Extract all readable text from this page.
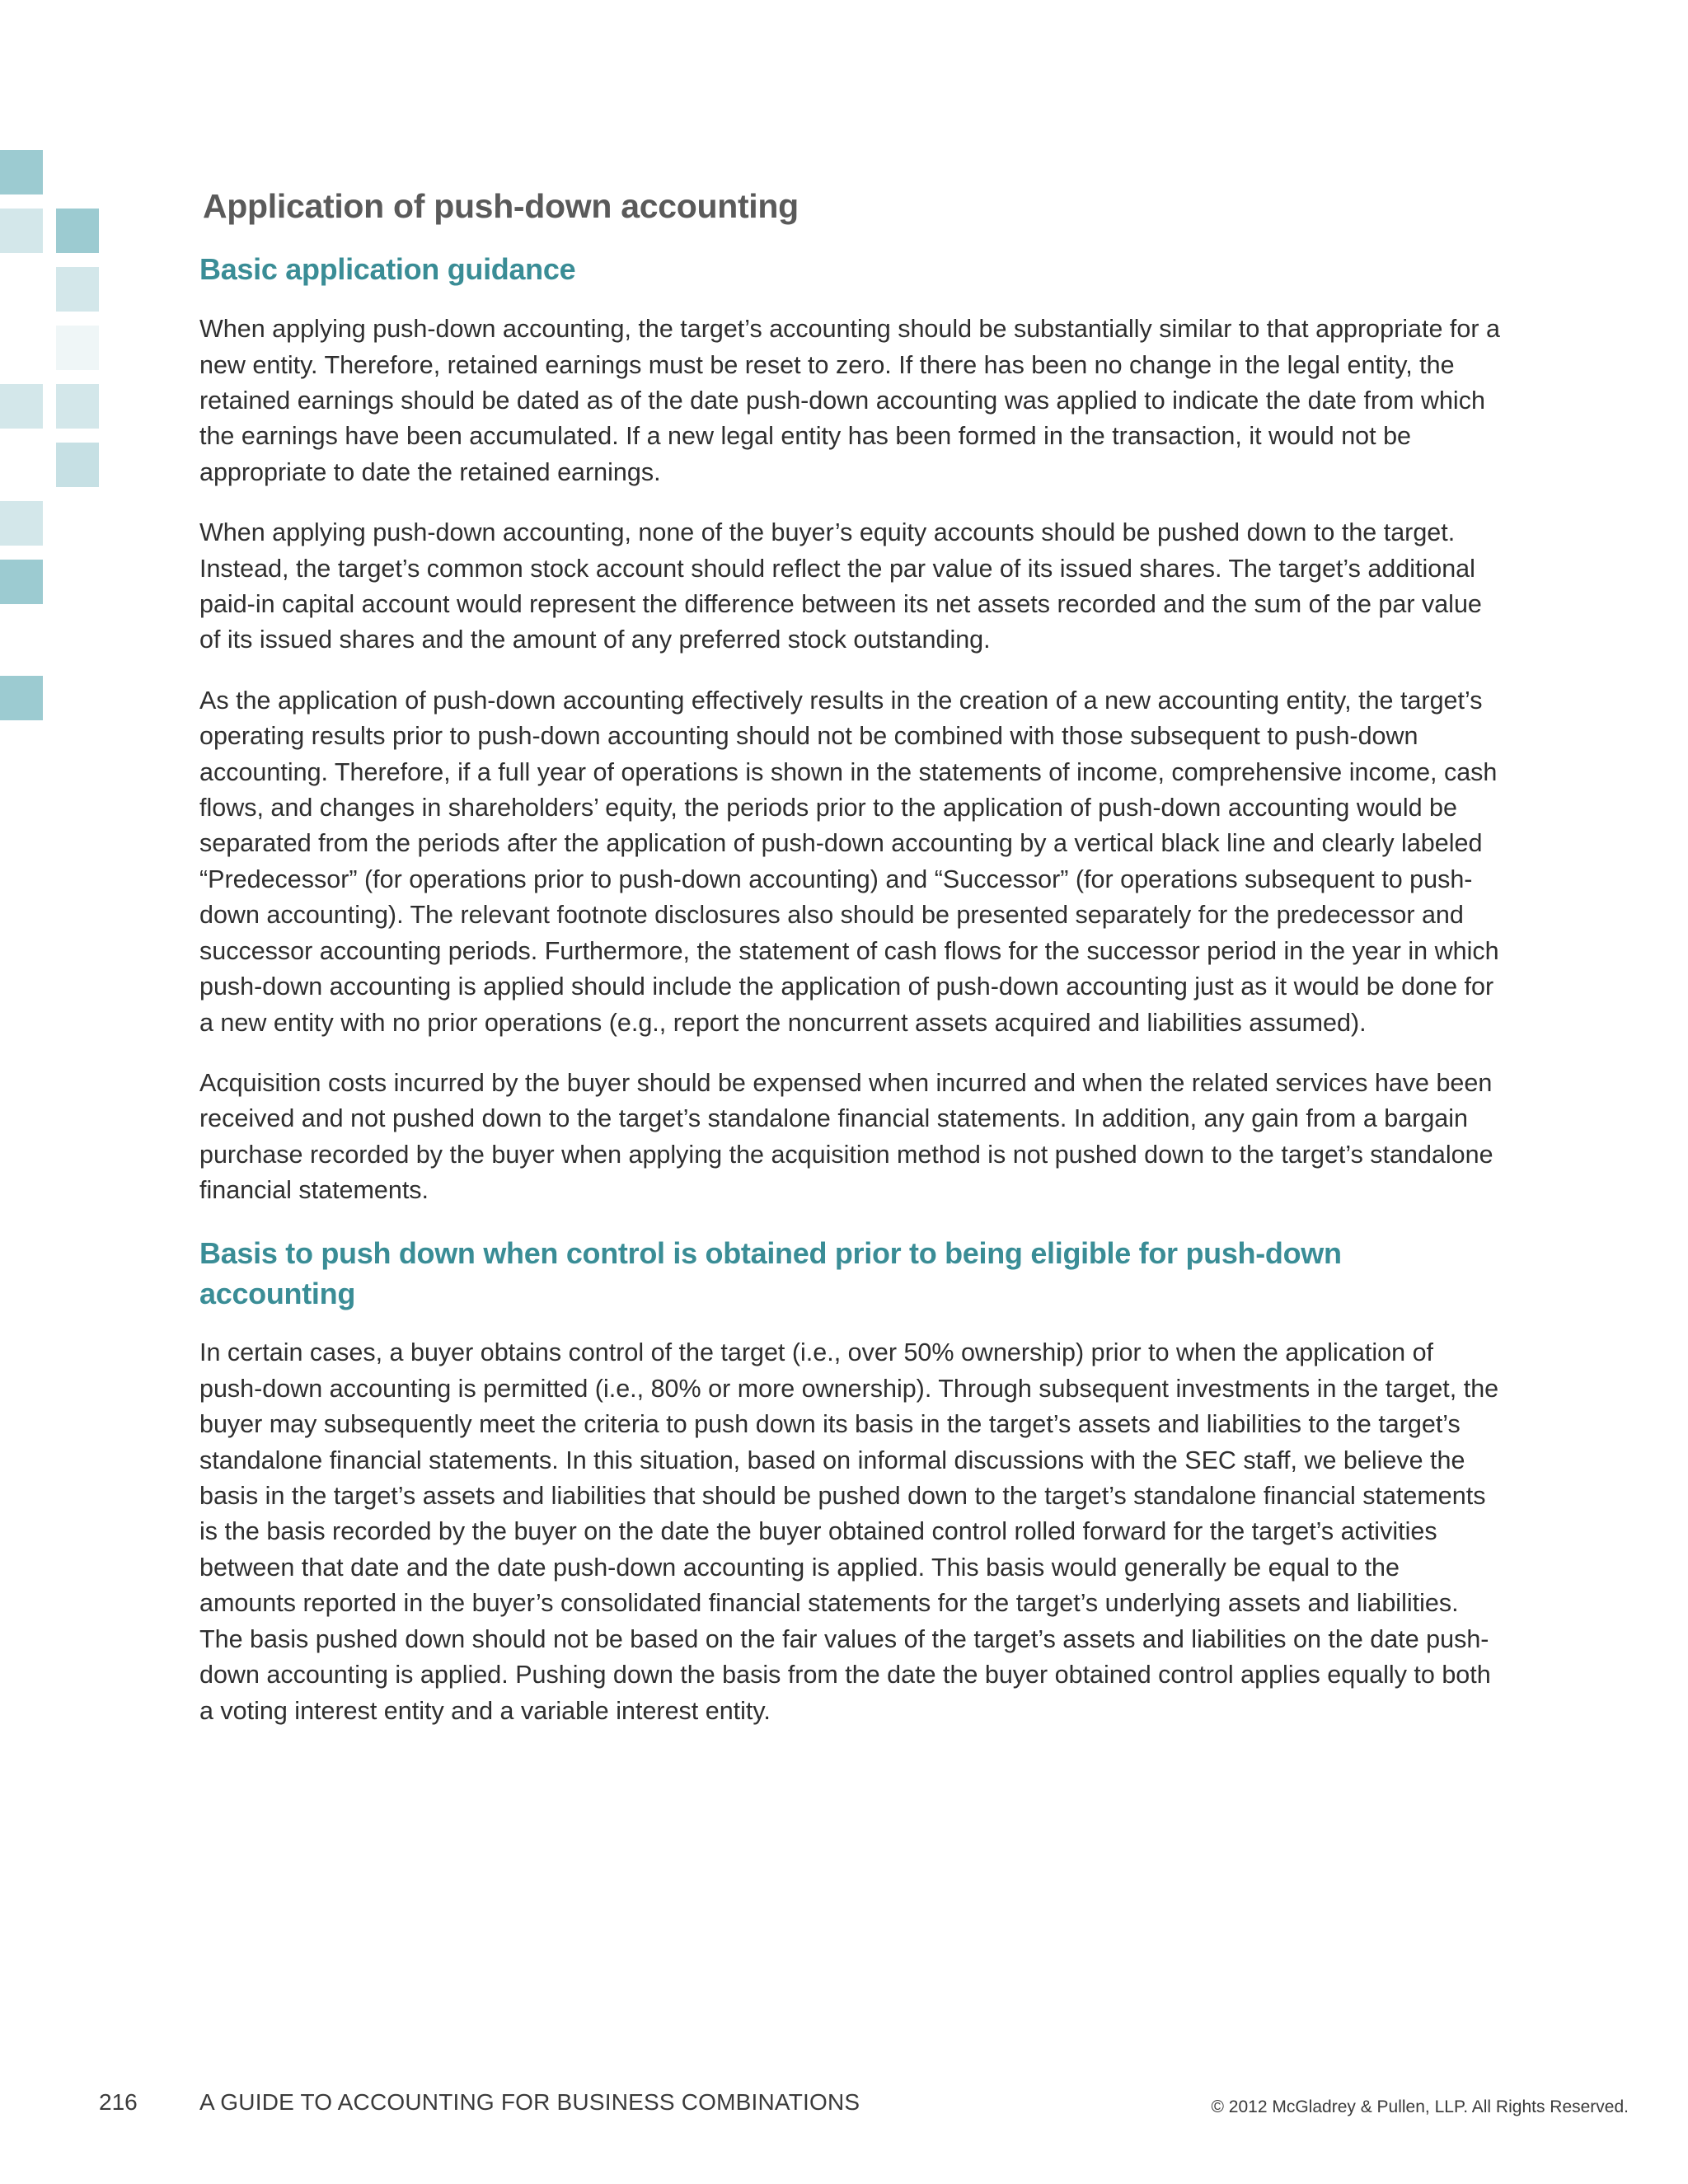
Application of push-down accounting
Basic application guidance

When applying push-down accounting, the target’s accounting should be substantially similar to that appropriate for a new entity. Therefore, retained earnings must be reset to zero. If there has been no change in the legal entity, the retained earnings should be dated as of the date push-down accounting was applied to indicate the date from which the earnings have been accumulated. If a new legal entity has been formed in the transaction, it would not be appropriate to date the retained earnings.

When applying push-down accounting, none of the buyer’s equity accounts should be pushed down to the target. Instead, the target’s common stock account should reflect the par value of its issued shares. The target’s additional paid-in capital account would represent the difference between its net assets recorded and the sum of the par value of its issued shares and the amount of any preferred stock outstanding.

As the application of push-down accounting effectively results in the creation of a new accounting entity, the target’s operating results prior to push-down accounting should not be combined with those subsequent to push-down accounting. Therefore, if a full year of operations is shown in the statements of income, comprehensive income, cash flows, and changes in shareholders’ equity, the periods prior to the application of push-down accounting would be separated from the periods after the application of push-down accounting by a vertical black line and clearly labeled “Predecessor” (for operations prior to push-down accounting) and “Successor” (for operations subsequent to push-down accounting). The relevant footnote disclosures also should be presented separately for the predecessor and successor accounting periods. Furthermore, the statement of cash flows for the successor period in the year in which push-down accounting is applied should include the application of push-down accounting just as it would be done for a new entity with no prior operations (e.g., report the noncurrent assets acquired and liabilities assumed).

Acquisition costs incurred by the buyer should be expensed when incurred and when the related services have been received and not pushed down to the target’s standalone financial statements. In addition, any gain from a bargain purchase recorded by the buyer when applying the acquisition method is not pushed down to the target’s standalone financial statements.

Basis to push down when control is obtained prior to being eligible for push-down accounting

In certain cases, a buyer obtains control of the target (i.e., over 50% ownership) prior to when the application of push-down accounting is permitted (i.e., 80% or more ownership). Through subsequent investments in the target, the buyer may subsequently meet the criteria to push down its basis in the target’s assets and liabilities to the target’s standalone financial statements. In this situation, based on informal discussions with the SEC staff, we believe the basis in the target’s assets and liabilities that should be pushed down to the target’s standalone financial statements is the basis recorded by the buyer on the date the buyer obtained control rolled forward for the target’s activities between that date and the date push-down accounting is applied. This basis would generally be equal to the amounts reported in the buyer’s consolidated financial statements for the target’s underlying assets and liabilities. The basis pushed down should not be based on the fair values of the target’s assets and liabilities on the date push-down accounting is applied. Pushing down the basis from the date the buyer obtained control applies equally to both a voting interest entity and a variable interest entity.

216	A GUIDE TO ACCOUNTING FOR BUSINESS COMBINATIONS	© 2012 McGladrey & Pullen, LLP. All Rights Reserved.
